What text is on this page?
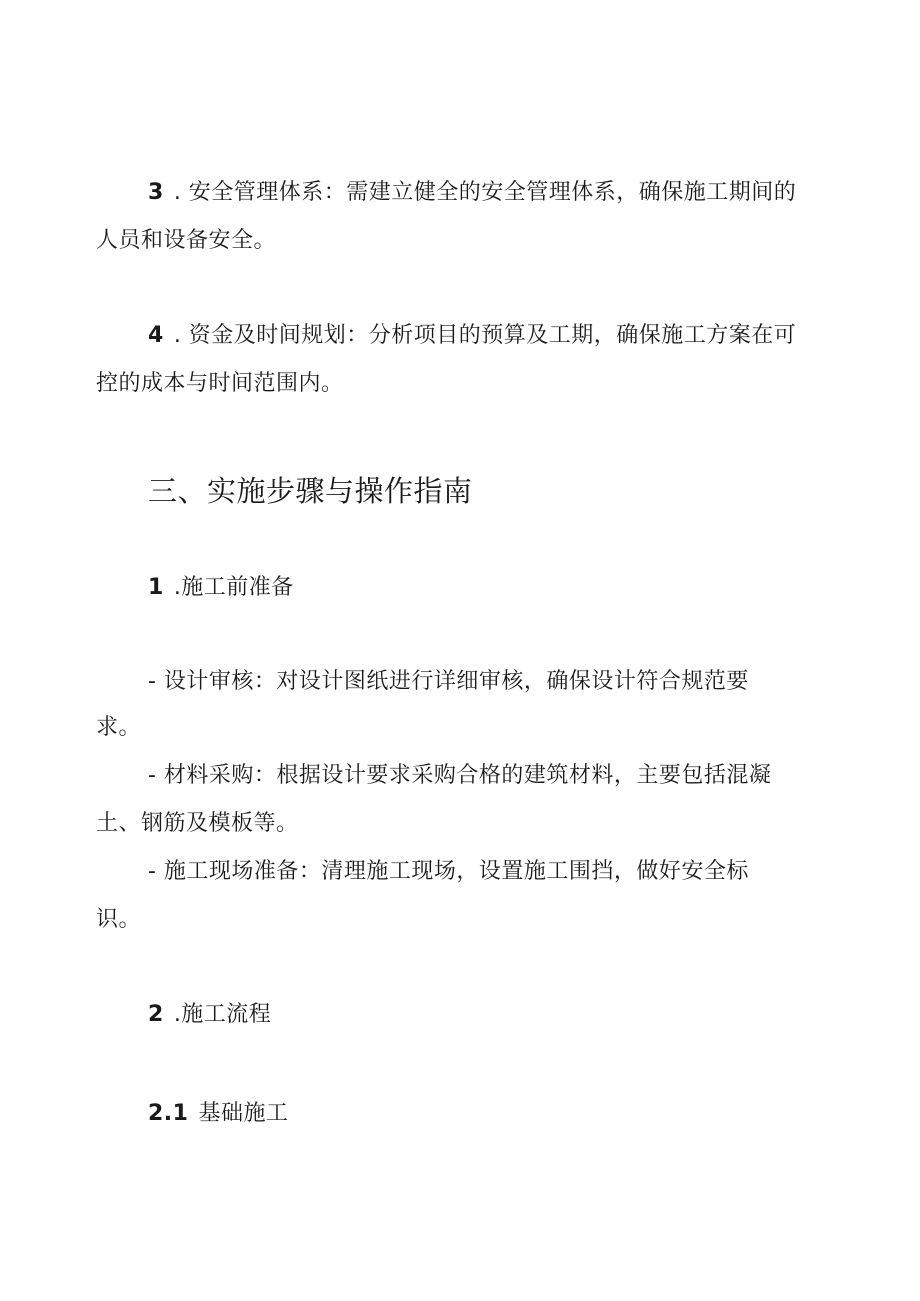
3 . 安全管理体系：需建立健全的安全管理体系，确保施工期间的
人员和设备安全。
4 . 资金及时间规划：分析项目的预算及工期，确保施工方案在可
控的成本与时间范围内。
三、实施步骤与操作指南
1 .施工前准备
- 设计审核：对设计图纸进行详细审核，确保设计符合规范要
求。
- 材料采购：根据设计要求采购合格的建筑材料，主要包括混凝
土、钢筋及模板等。
- 施工现场准备：清理施工现场，设置施工围挡，做好安全标
识。
2 .施工流程
2.1 基础施工
